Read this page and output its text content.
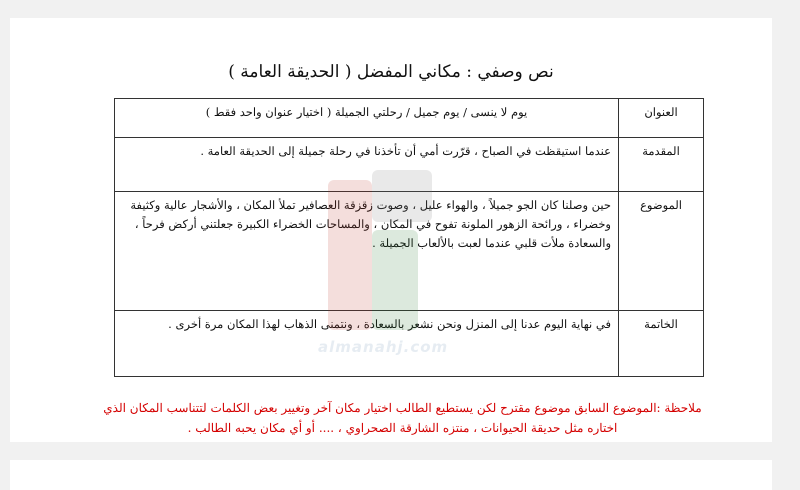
نص وصفي : مكاني المفضل ( الحديقة العامة )
العنوان	يوم لا ينسى / يوم جميل / رحلتي الجميلة ( اختيار عنوان واحد فقط )
المقدمة	عندما استيقظت في الصباح ، قرّرت أمي أن تأخذنا في رحلة جميلة إلى الحديقة العامة .
الموضوع	حين وصلنا كان الجو جميلاً ، والهواء عليل ، وصوت زقزقة العصافير تملأ المكان ، والأشجار عالية وكثيفة وخضراء ، ورائحة الزهور الملونة تفوح في المكان ، والمساحات الخضراء الكبيرة جعلتني أركض فرحاً ، والسعادة ملأت قلبي عندما لعبت بالألعاب الجميلة .
الخاتمة	في نهاية اليوم عدنا إلى المنزل ونحن نشعر بالسعادة ، ونتمنى الذهاب لهذا المكان مرة أخرى .
ملاحظة :الموضوع السابق موضوع مقترح لكن يستطيع الطالب اختيار مكان آخر وتغيير بعض الكلمات لتتناسب المكان الذي
اختاره مثل حديقة الحيوانات ، منتزه الشارقة الصحراوي ، .... أو أي مكان يحبه الطالب .
almanahj.com
